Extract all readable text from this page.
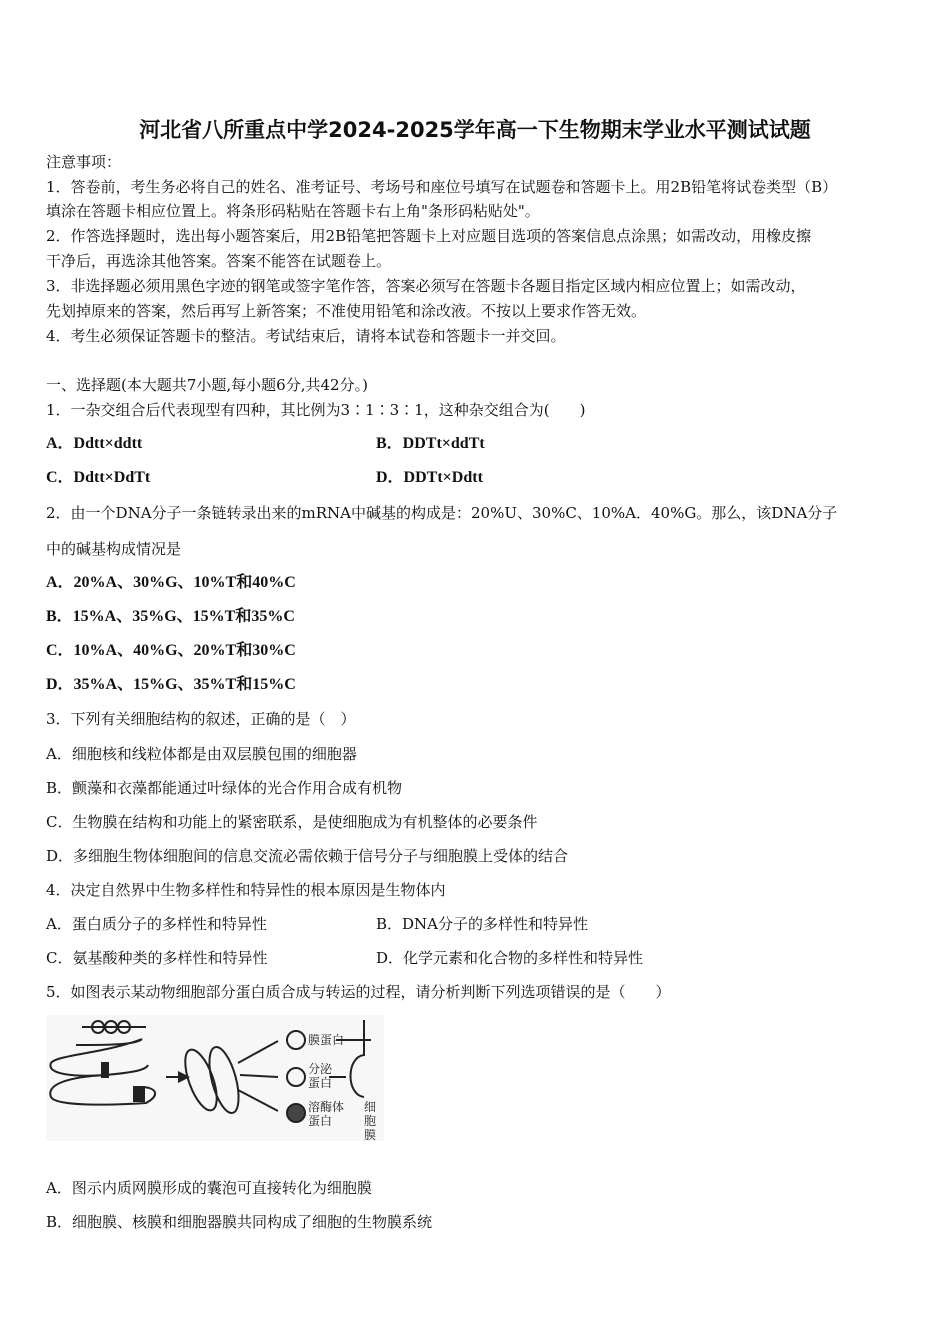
河北省八所重点中学2024-2025学年高一下生物期末学业水平测试试题
注意事项：
1．答卷前，考生务必将自己的姓名、准考证号、考场号和座位号填写在试题卷和答题卡上。用2B铅笔将试卷类型（B）
填涂在答题卡相应位置上。将条形码粘贴在答题卡右上角"条形码粘贴处"。
2．作答选择题时，选出每小题答案后，用2B铅笔把答题卡上对应题目选项的答案信息点涂黑；如需改动，用橡皮擦
干净后，再选涂其他答案。答案不能答在试题卷上。
3．非选择题必须用黑色字迹的钢笔或签字笔作答，答案必须写在答题卡各题目指定区域内相应位置上；如需改动，
先划掉原来的答案，然后再写上新答案；不准使用铅笔和涂改液。不按以上要求作答无效。
4．考生必须保证答题卡的整洁。考试结束后，请将本试卷和答题卡一并交回。
一、选择题(本大题共7小题,每小题6分,共42分。)
1．一杂交组合后代表现型有四种，其比例为3∶1∶3∶1，这种杂交组合为(　　)
A．Ddtt×ddtt	B．DDTt×ddTt
C．Ddtt×DdTt	D．DDTt×Ddtt
2．由一个DNA分子一条链转录出来的mRNA中碱基的构成是：20%U、30%C、10%A．40%G。那么，该DNA分子
中的碱基构成情况是
A．20%A、30%G、10%T和40%C
B．15%A、35%G、15%T和35%C
C．10%A、40%G、20%T和30%C
D．35%A、15%G、35%T和15%C
3．下列有关细胞结构的叙述，正确的是（　）
A．细胞核和线粒体都是由双层膜包围的细胞器
B．颤藻和衣藻都能通过叶绿体的光合作用合成有机物
C．生物膜在结构和功能上的紧密联系，是使细胞成为有机整体的必要条件
D．多细胞生物体细胞间的信息交流必需依赖于信号分子与细胞膜上受体的结合
4．决定自然界中生物多样性和特异性的根本原因是生物体内
A．蛋白质分子的多样性和特异性	B．DNA分子的多样性和特异性
C．氨基酸种类的多样性和特异性	D．化学元素和化合物的多样性和特异性
5．如图表示某动物细胞部分蛋白质合成与转运的过程，请分析判断下列选项错误的是（　　）
膜蛋白
分泌
蛋白
溶酶体
蛋白
细
胞
膜
A．图示内质网膜形成的囊泡可直接转化为细胞膜
B．细胞膜、核膜和细胞器膜共同构成了细胞的生物膜系统
